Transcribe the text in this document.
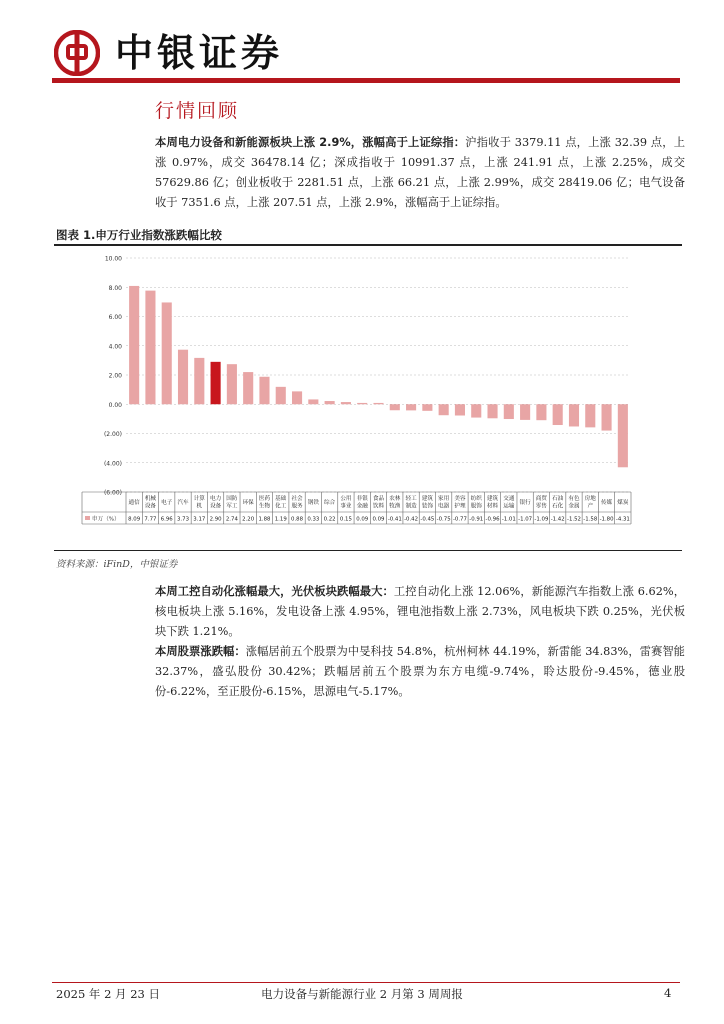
中银证券
行情回顾
本周电力设备和新能源板块上涨 2.9%，涨幅高于上证综指：沪指收于 3379.11 点，上涨 32.39 点，上涨 0.97%，成交 36478.14 亿；深成指收于 10991.37 点，上涨 241.91 点，上涨 2.25%，成交 57629.86 亿；创业板收于 2281.51 点，上涨 66.21 点，上涨 2.99%，成交 28419.06 亿；电气设备收于 7351.6 点，上涨 207.51 点，上涨 2.9%，涨幅高于上证综指。
图表 1.申万行业指数涨跌幅比较
10.00
8.00
6.00
4.00
2.00
0.00
(2.00)
(4.00)
(6.00)
申万（%）
通信
8.09
机械设备
7.77
电子
6.96
汽车
3.73
计算机
3.17
电力设备
2.90
国防军工
2.74
环保
2.20
医药生物
1.88
基础化工
1.19
社会服务
0.88
钢铁
0.33
综合
0.22
公用事业
0.15
非银金融
0.09
食品饮料
0.09
农林牧渔
-0.41
轻工制造
-0.42
建筑装饰
-0.45
家用电器
-0.75
美容护理
-0.77
纺织服饰
-0.91
建筑材料
-0.96
交通运输
-1.01
银行
-1.07
商贸零售
-1.09
石油石化
-1.42
有色金属
-1.52
房地产
-1.58
传媒
-1.80
煤炭
-4.31
资料来源：iFinD，中银证券
本周工控自动化涨幅最大，光伏板块跌幅最大：工控自动化上涨 12.06%，新能源汽车指数上涨 6.62%，核电板块上涨 5.16%，发电设备上涨 4.95%，锂电池指数上涨 2.73%，风电板块下跌 0.25%，光伏板块下跌 1.21%。
本周股票涨跌幅：涨幅居前五个股票为中旻科技 54.8%，杭州柯林 44.19%，新雷能 34.83%，雷赛智能 32.37%，盛弘股份 30.42%；跌幅居前五个股票为东方电缆-9.74%，聆达股份-9.45%，德业股份-6.22%，至正股份-6.15%，思源电气-5.17%。
2025 年 2 月 23 日	电力设备与新能源行业 2 月第 3 周周报	4
